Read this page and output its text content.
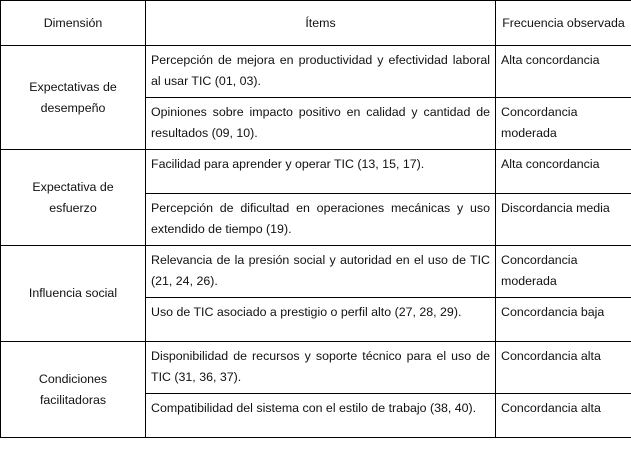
Dimensión	Ítems	Frecuencia observada
Expectativas de desempeño	Percepción de mejora en productividad y efectividad laboral al usar TIC (01, 03).	Alta concordancia
	Opiniones sobre impacto positivo en calidad y cantidad de resultados (09, 10).	Concordancia moderada
Expectativa de esfuerzo	Facilidad para aprender y operar TIC (13, 15, 17).	Alta concordancia
	Percepción de dificultad en operaciones mecánicas y uso extendido de tiempo (19).	Discordancia media
Influencia social	Relevancia de la presión social y autoridad en el uso de TIC (21, 24, 26).	Concordancia moderada
	Uso de TIC asociado a prestigio o perfil alto (27, 28, 29).	Concordancia baja
Condiciones facilitadoras	Disponibilidad de recursos y soporte técnico para el uso de TIC (31, 36, 37).	Concordancia alta
	Compatibilidad del sistema con el estilo de trabajo (38, 40).	Concordancia alta
